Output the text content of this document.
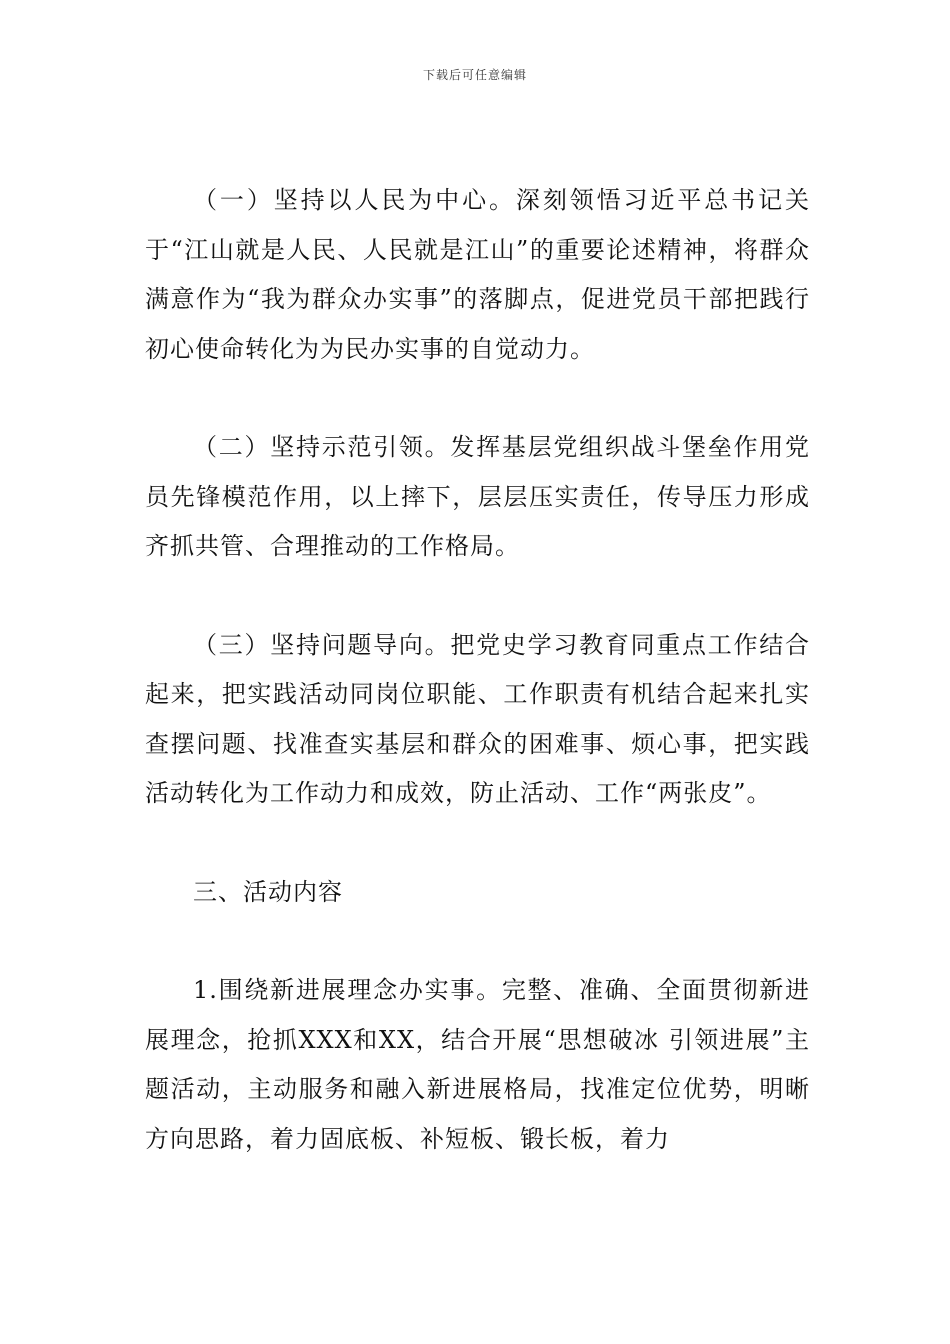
下载后可任意编辑

（一）坚持以人民为中心。深刻领悟习近平总书记关于“江山就是人民、人民就是江山”的重要论述精神，将群众满意作为“我为群众办实事”的落脚点，促进党员干部把践行初心使命转化为为民办实事的自觉动力。

（二）坚持示范引领。发挥基层党组织战斗堡垒作用党员先锋模范作用，以上摔下，层层压实责任，传导压力形成齐抓共管、合理推动的工作格局。

（三）坚持问题导向。把党史学习教育同重点工作结合起来，把实践活动同岗位职能、工作职责有机结合起来扎实查摆问题、找准查实基层和群众的困难事、烦心事，把实践活动转化为工作动力和成效，防止活动、工作“两张皮”。

三、活动内容

1.围绕新进展理念办实事。完整、准确、全面贯彻新进展理念，抢抓XXX和XX，结合开展“思想破冰 引领进展”主题活动，主动服务和融入新进展格局，找准定位优势，明晰方向思路，着力固底板、补短板、锻长板，着力
